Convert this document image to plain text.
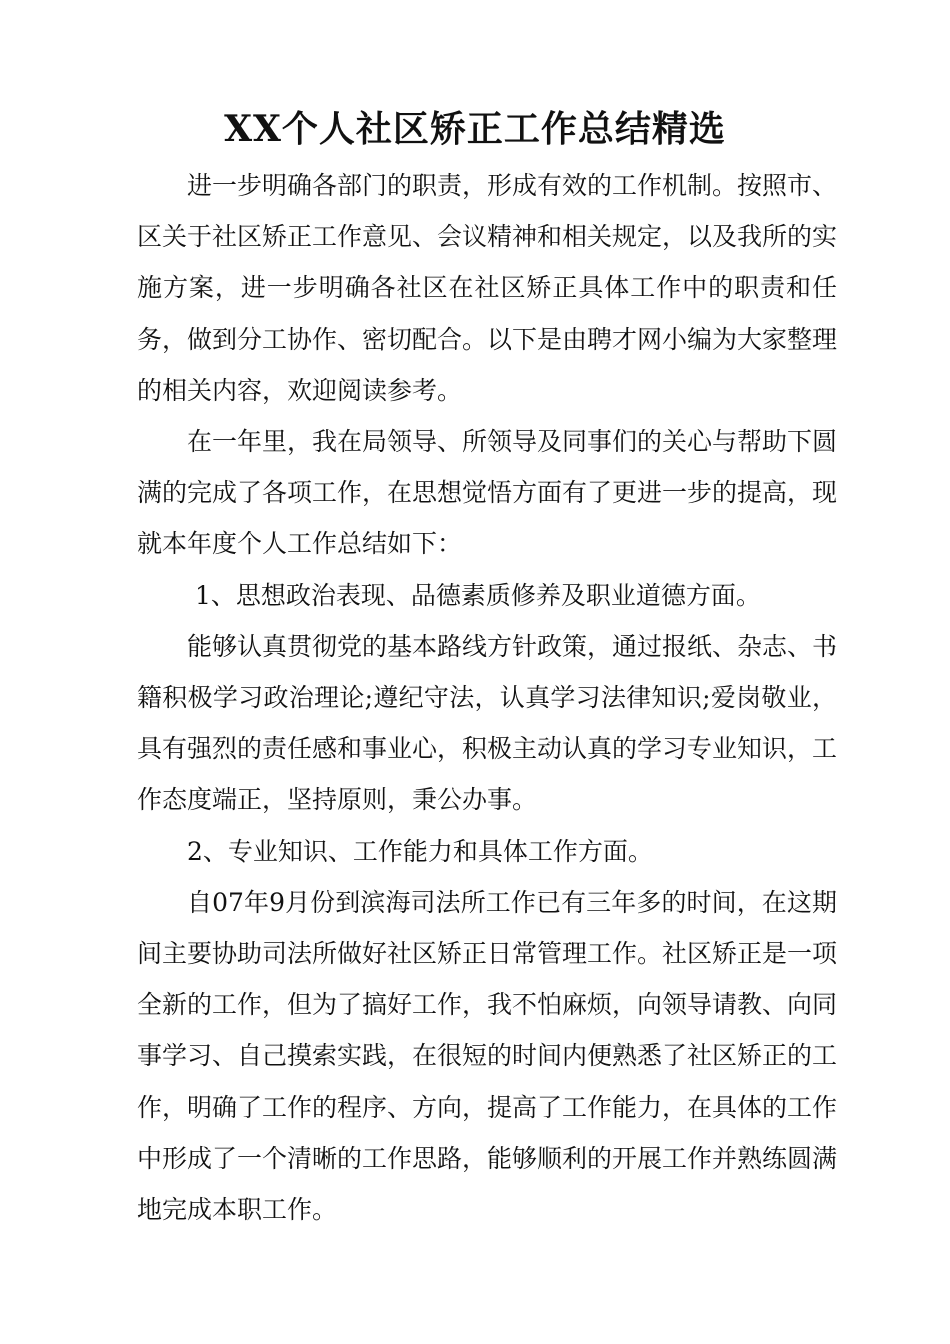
XX个人社区矫正工作总结精选

进一步明确各部门的职责，形成有效的工作机制。按照市、区关于社区矫正工作意见、会议精神和相关规定，以及我所的实施方案，进一步明确各社区在社区矫正具体工作中的职责和任务，做到分工协作、密切配合。以下是由聘才网小编为大家整理的相关内容，欢迎阅读参考。

在一年里，我在局领导、所领导及同事们的关心与帮助下圆满的完成了各项工作，在思想觉悟方面有了更进一步的提高，现就本年度个人工作总结如下：

1、思想政治表现、品德素质修养及职业道德方面。

能够认真贯彻党的基本路线方针政策，通过报纸、杂志、书籍积极学习政治理论;遵纪守法，认真学习法律知识;爱岗敬业，具有强烈的责任感和事业心，积极主动认真的学习专业知识，工作态度端正，坚持原则，秉公办事。

2、专业知识、工作能力和具体工作方面。

自07年9月份到滨海司法所工作已有三年多的时间，在这期间主要协助司法所做好社区矫正日常管理工作。社区矫正是一项全新的工作，但为了搞好工作，我不怕麻烦，向领导请教、向同事学习、自己摸索实践，在很短的时间内便熟悉了社区矫正的工作，明确了工作的程序、方向，提高了工作能力，在具体的工作中形成了一个清晰的工作思路，能够顺利的开展工作并熟练圆满地完成本职工作。
